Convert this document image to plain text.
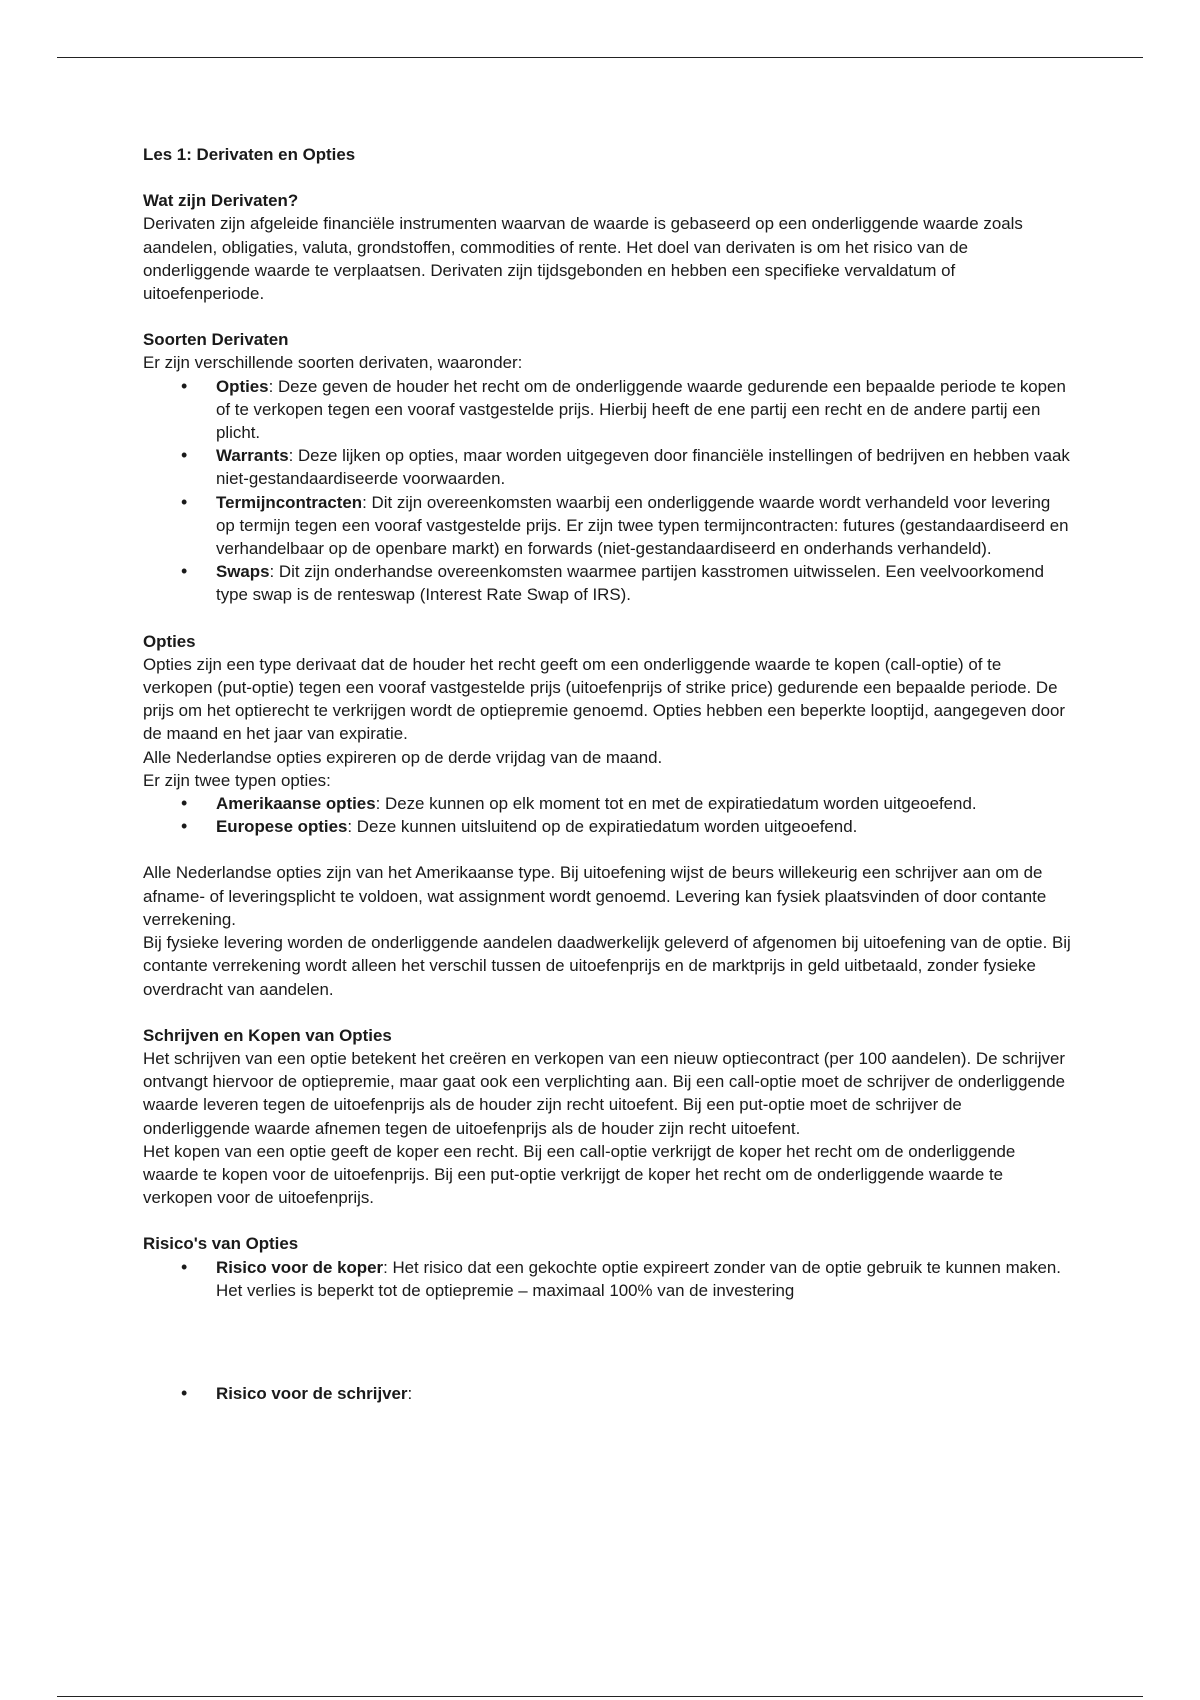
Les 1: Derivaten en Opties

Wat zijn Derivaten?

Derivaten zijn afgeleide financiële instrumenten waarvan de waarde is gebaseerd op een onderliggende waarde zoals aandelen, obligaties, valuta, grondstoffen, commodities of rente. Het doel van derivaten is om het risico van de onderliggende waarde te verplaatsen. Derivaten zijn tijdsgebonden en hebben een specifieke vervaldatum of uitoefenperiode.

Soorten Derivaten

Er zijn verschillende soorten derivaten, waaronder:

• Opties: Deze geven de houder het recht om de onderliggende waarde gedurende een bepaalde periode te kopen of te verkopen tegen een vooraf vastgestelde prijs. Hierbij heeft de ene partij een recht en de andere partij een plicht.
• Warrants: Deze lijken op opties, maar worden uitgegeven door financiële instellingen of bedrijven en hebben vaak niet-gestandaardiseerde voorwaarden.
• Termijncontracten: Dit zijn overeenkomsten waarbij een onderliggende waarde wordt verhandeld voor levering op termijn tegen een vooraf vastgestelde prijs. Er zijn twee typen termijncontracten: futures (gestandaardiseerd en verhandelbaar op de openbare markt) en forwards (niet-gestandaardiseerd en onderhands verhandeld).
• Swaps: Dit zijn onderhandse overeenkomsten waarmee partijen kasstromen uitwisselen. Een veelvoorkomend type swap is de renteswap (Interest Rate Swap of IRS).

Opties

Opties zijn een type derivaat dat de houder het recht geeft om een onderliggende waarde te kopen (call-optie) of te verkopen (put-optie) tegen een vooraf vastgestelde prijs (uitoefenprijs of strike price) gedurende een bepaalde periode. De prijs om het optierecht te verkrijgen wordt de optiepremie genoemd. Opties hebben een beperkte looptijd, aangegeven door de maand en het jaar van expiratie.

Alle Nederlandse opties expireren op de derde vrijdag van de maand.

Er zijn twee typen opties:

• Amerikaanse opties: Deze kunnen op elk moment tot en met de expiratiedatum worden uitgeoefend.
• Europese opties: Deze kunnen uitsluitend op de expiratiedatum worden uitgeoefend.

Alle Nederlandse opties zijn van het Amerikaanse type. Bij uitoefening wijst de beurs willekeurig een schrijver aan om de afname- of leveringsplicht te voldoen, wat assignment wordt genoemd. Levering kan fysiek plaatsvinden of door contante verrekening.

Bij fysieke levering worden de onderliggende aandelen daadwerkelijk geleverd of afgenomen bij uitoefening van de optie. Bij contante verrekening wordt alleen het verschil tussen de uitoefenprijs en de marktprijs in geld uitbetaald, zonder fysieke overdracht van aandelen.

Schrijven en Kopen van Opties

Het schrijven van een optie betekent het creëren en verkopen van een nieuw optiecontract (per 100 aandelen). De schrijver ontvangt hiervoor de optiepremie, maar gaat ook een verplichting aan. Bij een call-optie moet de schrijver de onderliggende waarde leveren tegen de uitoefenprijs als de houder zijn recht uitoefent. Bij een put-optie moet de schrijver de onderliggende waarde afnemen tegen de uitoefenprijs als de houder zijn recht uitoefent.

Het kopen van een optie geeft de koper een recht. Bij een call-optie verkrijgt de koper het recht om de onderliggende waarde te kopen voor de uitoefenprijs. Bij een put-optie verkrijgt de koper het recht om de onderliggende waarde te verkopen voor de uitoefenprijs.

Risico's van Opties

• Risico voor de koper: Het risico dat een gekochte optie expireert zonder van de optie gebruik te kunnen maken. Het verlies is beperkt tot de optiepremie – maximaal 100% van de investering
• Risico voor de schrijver:
